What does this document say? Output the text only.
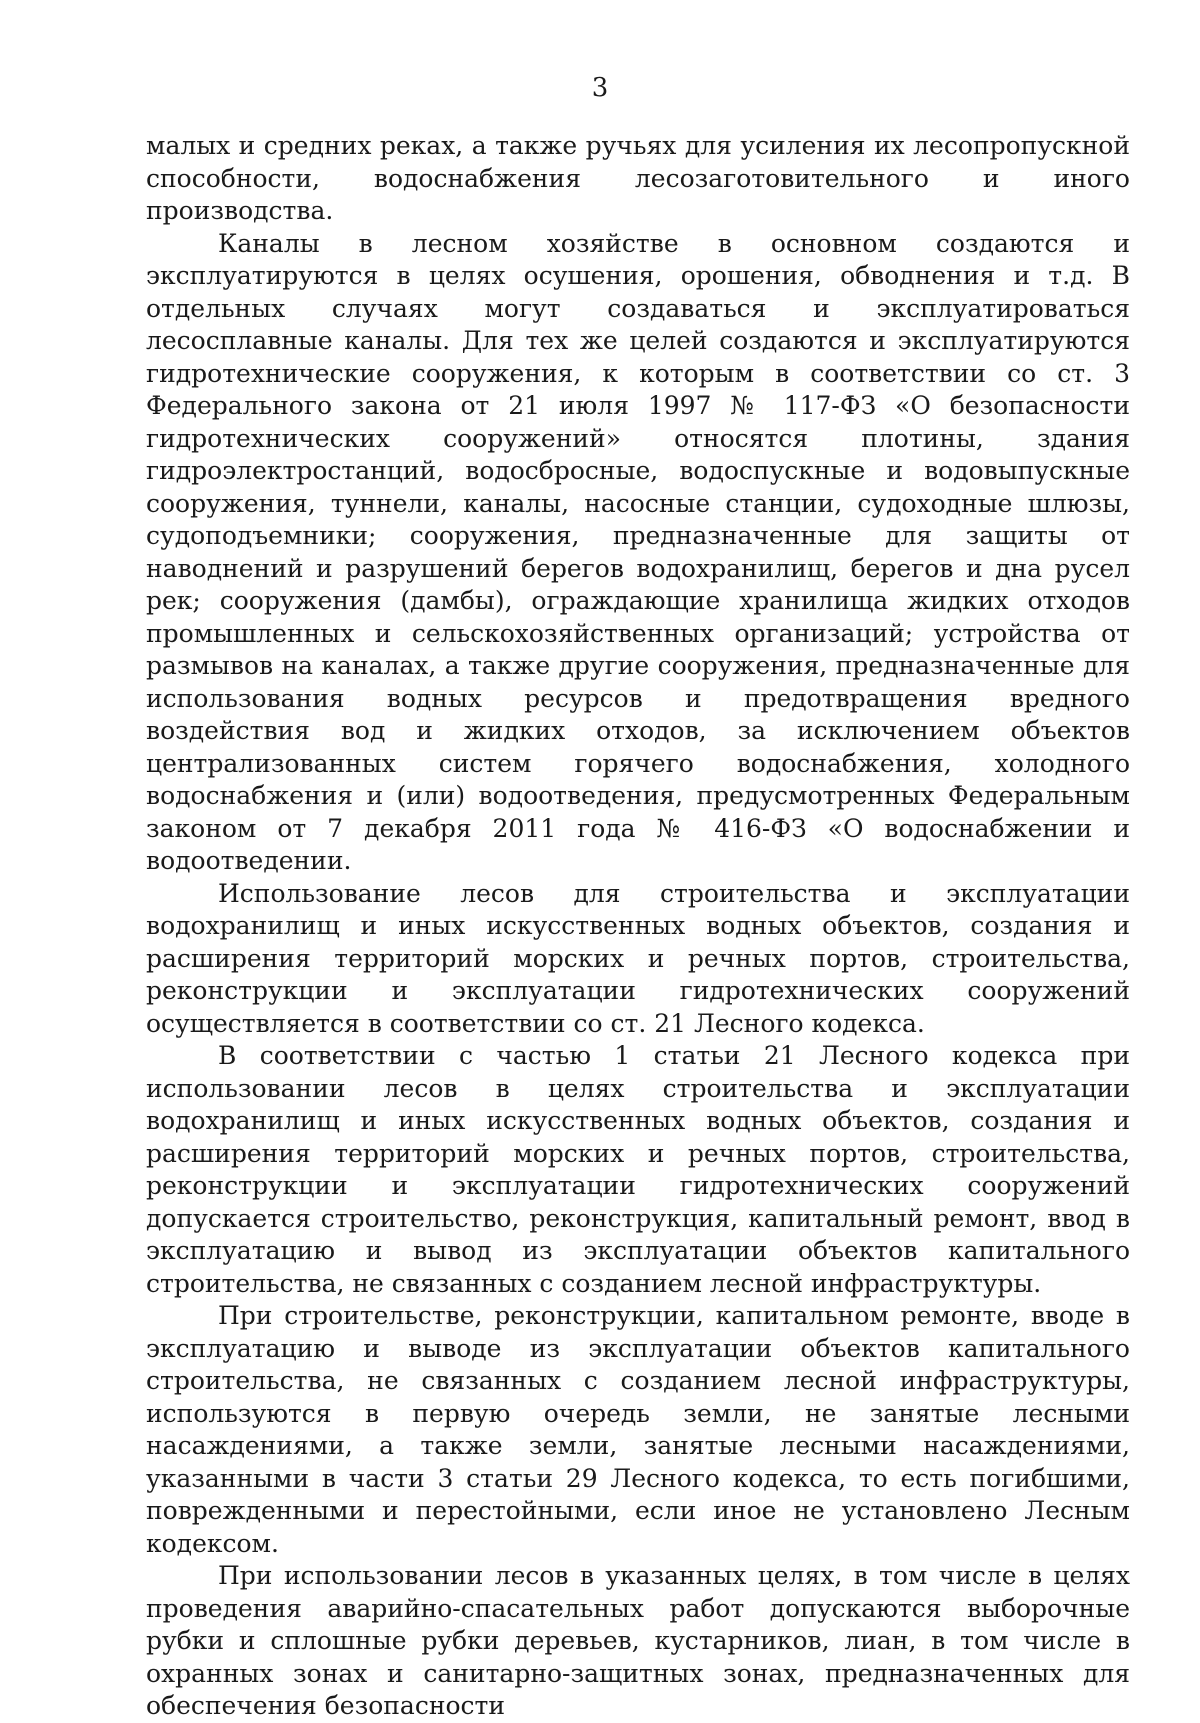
3

малых и средних реках, а также ручьях для усиления их лесопропускной способности, водоснабжения лесозаготовительного и иного производства.

Каналы в лесном хозяйстве в основном создаются и эксплуатируются в целях осушения, орошения, обводнения и т.д. В отдельных случаях могут создаваться и эксплуатироваться лесосплавные каналы. Для тех же целей создаются и эксплуатируются гидротехнические сооружения, к которым в соответствии со ст. 3 Федерального закона от 21 июля 1997 № 117-ФЗ «О безопасности гидротехнических сооружений» относятся плотины, здания гидроэлектростанций, водосбросные, водоспускные и водовыпускные сооружения, туннели, каналы, насосные станции, судоходные шлюзы, судоподъемники; сооружения, предназначенные для защиты от наводнений и разрушений берегов водохранилищ, берегов и дна русел рек; сооружения (дамбы), ограждающие хранилища жидких отходов промышленных и сельскохозяйственных организаций; устройства от размывов на каналах, а также другие сооружения, предназначенные для использования водных ресурсов и предотвращения вредного воздействия вод и жидких отходов, за исключением объектов централизованных систем горячего водоснабжения, холодного водоснабжения и (или) водоотведения, предусмотренных Федеральным законом от 7 декабря 2011 года № 416-ФЗ «О водоснабжении и водоотведении.

Использование лесов для строительства и эксплуатации водохранилищ и иных искусственных водных объектов, создания и расширения территорий морских и речных портов, строительства, реконструкции и эксплуатации гидротехнических сооружений осуществляется в соответствии со ст. 21 Лесного кодекса.

В соответствии с частью 1 статьи 21 Лесного кодекса при использовании лесов в целях строительства и эксплуатации водохранилищ и иных искусственных водных объектов, создания и расширения территорий морских и речных портов, строительства, реконструкции и эксплуатации гидротехнических сооружений допускается строительство, реконструкция, капитальный ремонт, ввод в эксплуатацию и вывод из эксплуатации объектов капитального строительства, не связанных с созданием лесной инфраструктуры.

При строительстве, реконструкции, капитальном ремонте, вводе в эксплуатацию и выводе из эксплуатации объектов капитального строительства, не связанных с созданием лесной инфраструктуры, используются в первую очередь земли, не занятые лесными насаждениями, а также земли, занятые лесными насаждениями, указанными в части 3 статьи 29 Лесного кодекса, то есть погибшими, поврежденными и перестойными, если иное не установлено Лесным кодексом.

При использовании лесов в указанных целях, в том числе в целях проведения аварийно-спасательных работ допускаются выборочные рубки и сплошные рубки деревьев, кустарников, лиан, в том числе в охранных зонах и санитарно-защитных зонах, предназначенных для обеспечения безопасности
